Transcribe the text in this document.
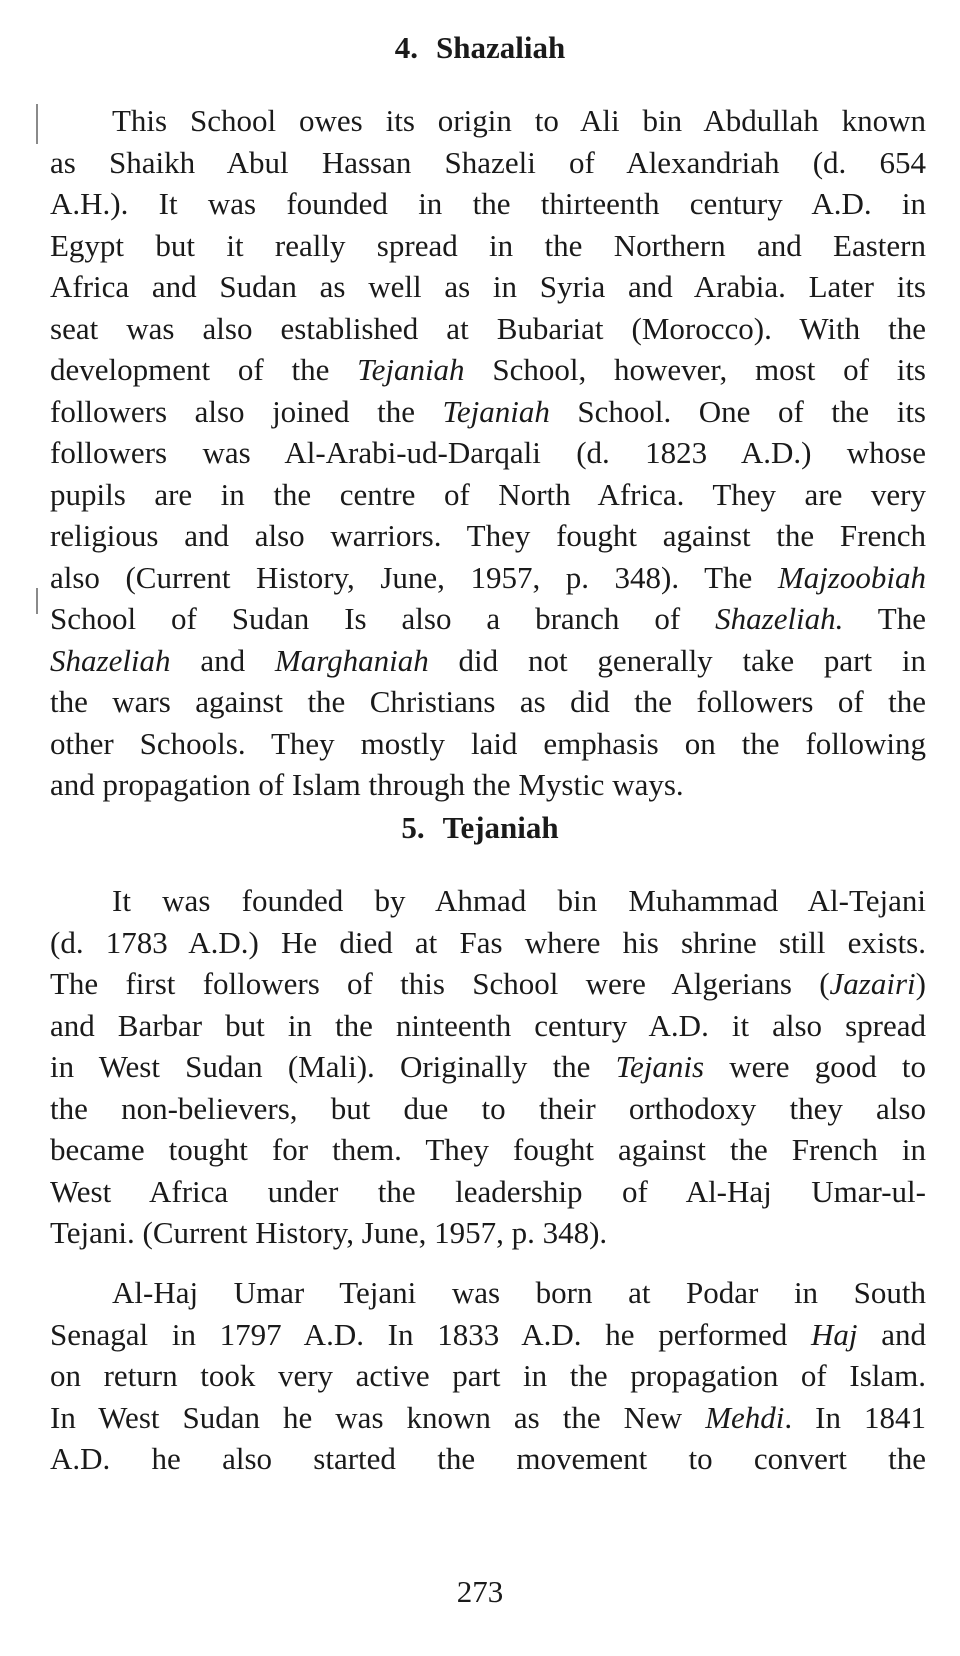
4. Shazaliah
This School owes its origin to Ali bin Abdullah known
as Shaikh Abul Hassan Shazeli of Alexandriah (d. 654
A.H.). It was founded in the thirteenth century A.D. in
Egypt but it really spread in the Northern and Eastern
Africa and Sudan as well as in Syria and Arabia. Later its
seat was also established at Bubariat (Morocco). With the
development of the Tejaniah School, however, most of its
followers also joined the Tejaniah School. One of the its
followers was Al-Arabi-ud-Darqali (d. 1823 A.D.) whose
pupils are in the centre of North Africa. They are very
religious and also warriors. They fought against the French
also (Current History, June, 1957, p. 348). The Majzoobiah
School of Sudan Is also a branch of Shazeliah. The
Shazeliah and Marghaniah did not generally take part in
the wars against the Christians as did the followers of the
other Schools. They mostly laid emphasis on the following
and propagation of Islam through the Mystic ways.
5. Tejaniah
It was founded by Ahmad bin Muhammad Al-Tejani
(d. 1783 A.D.) He died at Fas where his shrine still exists.
The first followers of this School were Algerians (Jazairi)
and Barbar but in the ninteenth century A.D. it also spread
in West Sudan (Mali). Originally the Tejanis were good to
the non-believers, but due to their orthodoxy they also
became tought for them. They fought against the French in
West Africa under the leadership of Al-Haj Umar-ul-
Tejani. (Current History, June, 1957, p. 348).
Al-Haj Umar Tejani was born at Podar in South
Senagal in 1797 A.D. In 1833 A.D. he performed Haj and
on return took very active part in the propagation of Islam.
In West Sudan he was known as the New Mehdi. In 1841
A.D. he also started the movement to convert the
273
